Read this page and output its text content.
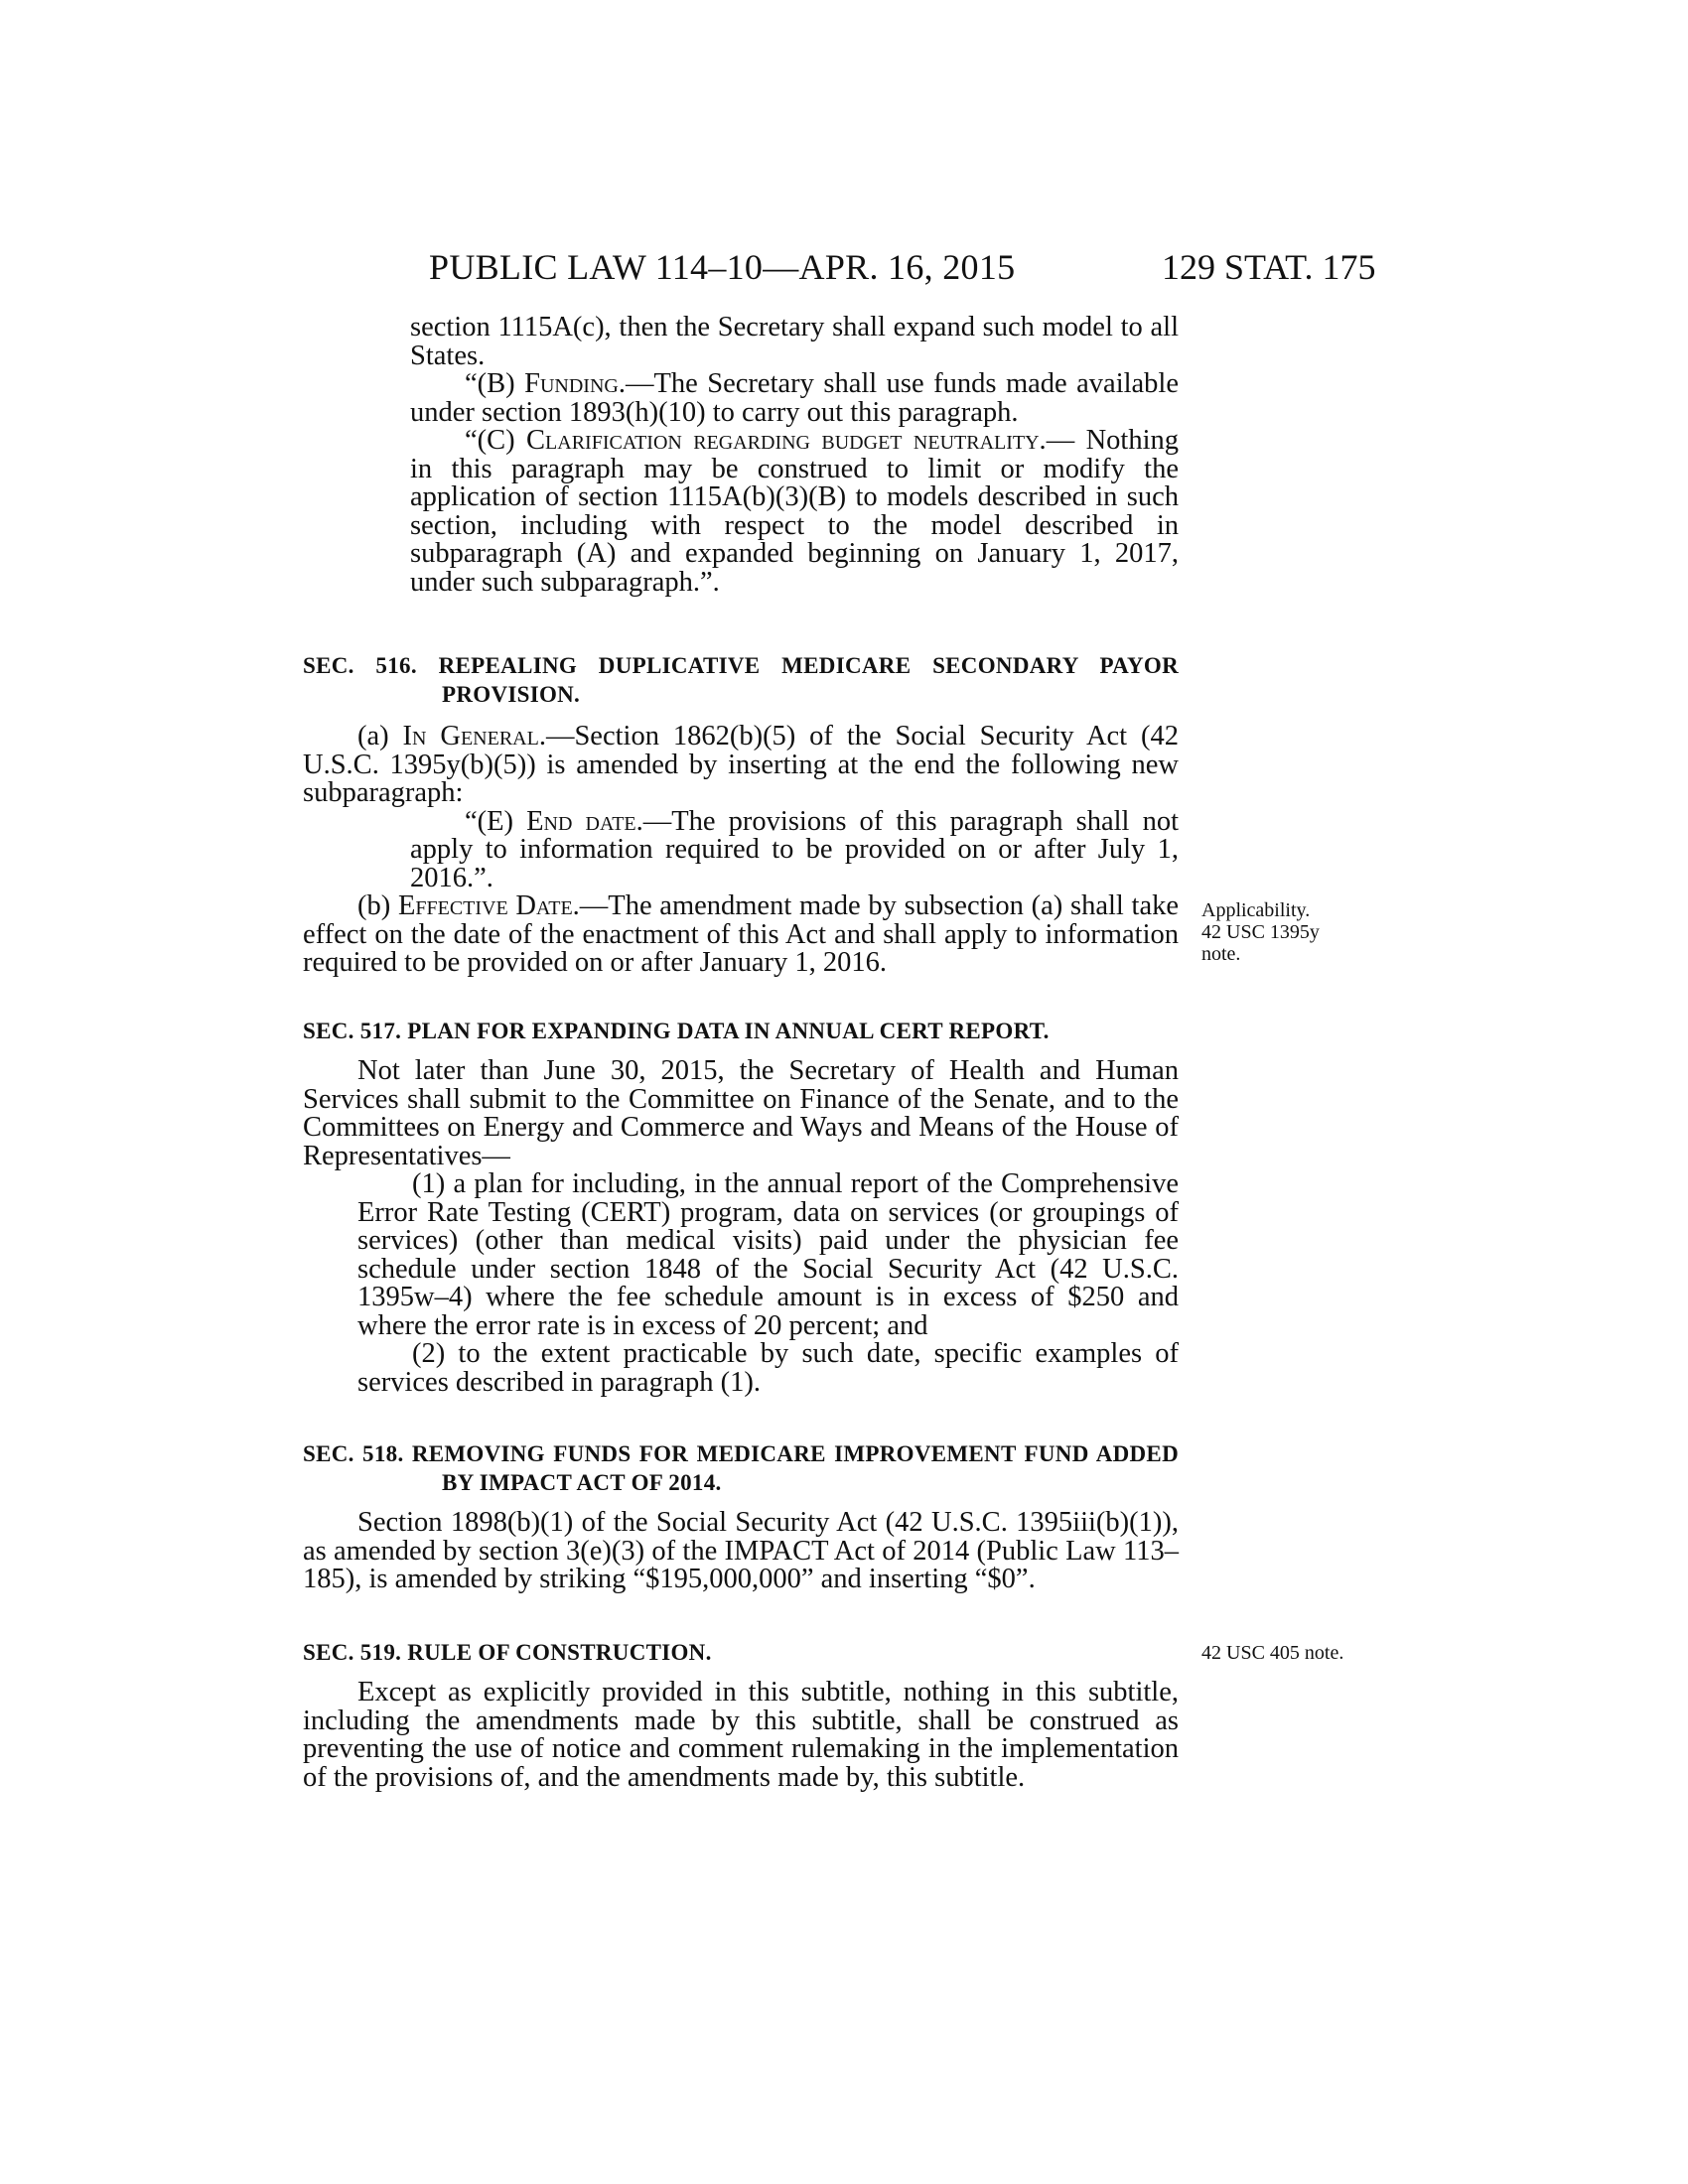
PUBLIC LAW 114–10—APR. 16, 2015	129 STAT. 175

section 1115A(c), then the Secretary shall expand such model to all States.

“(B) Funding.—The Secretary shall use funds made available under section 1893(h)(10) to carry out this paragraph.

“(C) Clarification regarding budget neutrality.— Nothing in this paragraph may be construed to limit or modify the application of section 1115A(b)(3)(B) to models described in such section, including with respect to the model described in subparagraph (A) and expanded beginning on January 1, 2017, under such subparagraph.”.

SEC. 516. REPEALING DUPLICATIVE MEDICARE SECONDARY PAYOR PROVISION.

(a) In General.—Section 1862(b)(5) of the Social Security Act (42 U.S.C. 1395y(b)(5)) is amended by inserting at the end the following new subparagraph:

“(E) End date.—The provisions of this paragraph shall not apply to information required to be provided on or after July 1, 2016.”.

(b) Effective Date.—The amendment made by subsection (a) shall take effect on the date of the enactment of this Act and shall apply to information required to be provided on or after January 1, 2016.

Applicability.
42 USC 1395y
note.

SEC. 517. PLAN FOR EXPANDING DATA IN ANNUAL CERT REPORT.

Not later than June 30, 2015, the Secretary of Health and Human Services shall submit to the Committee on Finance of the Senate, and to the Committees on Energy and Commerce and Ways and Means of the House of Representatives—

(1) a plan for including, in the annual report of the Comprehensive Error Rate Testing (CERT) program, data on services (or groupings of services) (other than medical visits) paid under the physician fee schedule under section 1848 of the Social Security Act (42 U.S.C. 1395w–4) where the fee schedule amount is in excess of $250 and where the error rate is in excess of 20 percent; and

(2) to the extent practicable by such date, specific examples of services described in paragraph (1).

SEC. 518. REMOVING FUNDS FOR MEDICARE IMPROVEMENT FUND ADDED BY IMPACT ACT OF 2014.

Section 1898(b)(1) of the Social Security Act (42 U.S.C. 1395iii(b)(1)), as amended by section 3(e)(3) of the IMPACT Act of 2014 (Public Law 113–185), is amended by striking “$195,000,000” and inserting “$0”.

SEC. 519. RULE OF CONSTRUCTION.

Except as explicitly provided in this subtitle, nothing in this subtitle, including the amendments made by this subtitle, shall be construed as preventing the use of notice and comment rulemaking in the implementation of the provisions of, and the amendments made by, this subtitle.

42 USC 405 note.
